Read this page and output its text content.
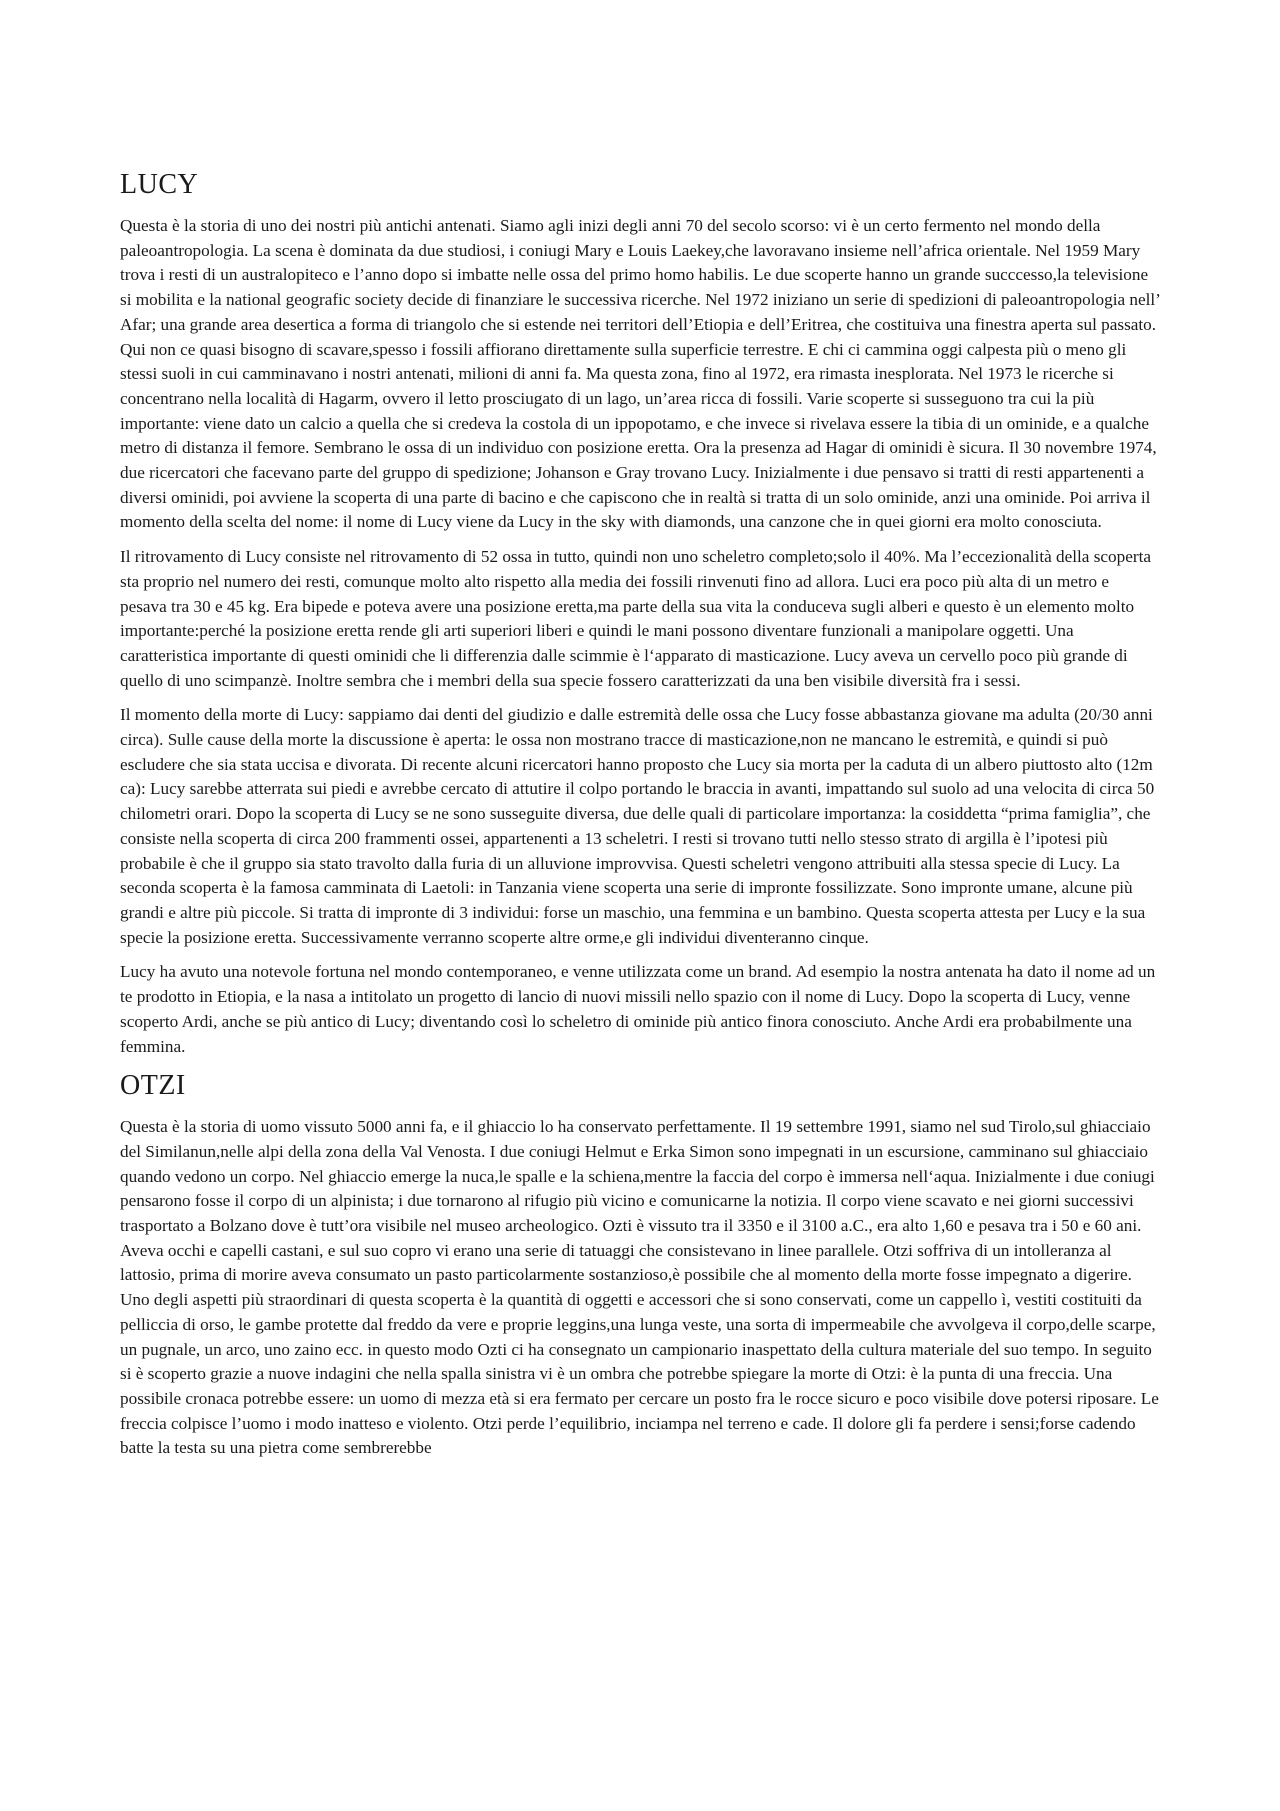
LUCY

Questa è la storia di uno dei nostri più antichi antenati. Siamo agli inizi degli anni 70 del secolo scorso: vi è un certo fermento nel mondo della paleoantropologia. La scena è dominata da due studiosi, i coniugi Mary e Louis Laekey,che lavoravano insieme nell’africa orientale. Nel 1959 Mary trova i resti di un australopiteco e l’anno dopo si imbatte nelle ossa del primo homo habilis. Le due scoperte hanno un grande succcesso,la televisione si mobilita e la national geografic society decide di finanziare le successiva ricerche. Nel 1972 iniziano un serie di spedizioni di paleoantropologia nell’ Afar; una grande area desertica a forma di triangolo che si estende nei territori dell’Etiopia e dell’Eritrea, che costituiva una finestra aperta sul passato. Qui non ce quasi bisogno di scavare,spesso i fossili affiorano direttamente sulla superficie terrestre. E chi ci cammina oggi calpesta più o meno gli stessi suoli in cui camminavano i nostri antenati, milioni di anni fa. Ma questa zona, fino al 1972, era rimasta inesplorata. Nel 1973 le ricerche si concentrano nella località di Hagarm, ovvero il letto prosciugato di un lago, un’area ricca di fossili. Varie scoperte si susseguono tra cui la più importante: viene dato un calcio a quella che si credeva la costola di un ippopotamo, e che invece si rivelava essere la tibia di un ominide, e a qualche metro di distanza il femore. Sembrano le ossa di un individuo con posizione eretta. Ora la presenza ad Hagar di ominidi è sicura. Il 30 novembre 1974, due ricercatori che facevano parte del gruppo di spedizione; Johanson e Gray trovano Lucy. Inizialmente i due pensavo si tratti di resti appartenenti a diversi ominidi, poi avviene la scoperta di una parte di bacino e che capiscono che in realtà si tratta di un solo ominide, anzi una ominide. Poi arriva il momento della scelta del nome: il nome di Lucy viene da Lucy in the sky with diamonds, una canzone che in quei giorni era molto conosciuta.

Il ritrovamento di Lucy consiste nel ritrovamento di 52 ossa in tutto, quindi non uno scheletro completo;solo il 40%. Ma l’eccezionalità della scoperta sta proprio nel numero dei resti, comunque molto alto rispetto alla media dei fossili rinvenuti fino ad allora. Luci era poco più alta di un metro e pesava tra 30 e 45 kg. Era bipede e poteva avere una posizione eretta,ma parte della sua vita la conduceva sugli alberi e questo è un elemento molto importante:perché la posizione eretta rende gli arti superiori liberi e quindi le mani possono diventare funzionali a manipolare oggetti. Una caratteristica importante di questi ominidi che li differenzia dalle scimmie è l‘apparato di masticazione. Lucy aveva un cervello poco più grande di quello di uno scimpanzè. Inoltre sembra che i membri della sua specie fossero caratterizzati da una ben visibile diversità fra i sessi.

Il momento della morte di Lucy: sappiamo dai denti del giudizio e dalle estremità delle ossa che Lucy fosse abbastanza giovane ma adulta (20/30 anni circa). Sulle cause della morte la discussione è aperta: le ossa non mostrano tracce di masticazione,non ne mancano le estremità, e quindi si può escludere che sia stata uccisa e divorata. Di recente alcuni ricercatori hanno proposto che Lucy sia morta per la caduta di un albero piuttosto alto (12m ca): Lucy sarebbe atterrata sui piedi e avrebbe cercato di attutire il colpo portando le braccia in avanti, impattando sul suolo ad una velocita di circa 50 chilometri orari. Dopo la scoperta di Lucy se ne sono susseguite diversa, due delle quali di particolare importanza: la cosiddetta “prima famiglia”, che consiste nella scoperta di circa 200 frammenti ossei, appartenenti a 13 scheletri. I resti si trovano tutti nello stesso strato di argilla è l’ipotesi più probabile è che il gruppo sia stato travolto dalla furia di un alluvione improvvisa. Questi scheletri vengono attribuiti alla stessa specie di Lucy. La seconda scoperta è la famosa camminata di Laetoli: in Tanzania viene scoperta una serie di impronte fossilizzate. Sono impronte umane, alcune più grandi e altre più piccole. Si tratta di impronte di 3 individui: forse un maschio, una femmina e un bambino. Questa scoperta attesta per Lucy e la sua specie la posizione eretta. Successivamente verranno scoperte altre orme,e gli individui diventeranno cinque.

Lucy ha avuto una notevole fortuna nel mondo contemporaneo, e venne utilizzata come un brand. Ad esempio la nostra antenata ha dato il nome ad un te prodotto in Etiopia, e la nasa a intitolato un progetto di lancio di nuovi missili nello spazio con il nome di Lucy. Dopo la scoperta di Lucy, venne scoperto Ardi, anche se più antico di Lucy; diventando così lo scheletro di ominide più antico finora conosciuto. Anche Ardi era probabilmente una femmina.

OTZI

Questa è la storia di uomo vissuto 5000 anni fa, e il ghiaccio lo ha conservato perfettamente. Il 19 settembre 1991, siamo nel sud Tirolo,sul ghiacciaio del Similanun,nelle alpi della zona della Val Venosta. I due coniugi Helmut e Erka Simon sono impegnati in un escursione, camminano sul ghiacciaio quando vedono un corpo. Nel ghiaccio emerge la nuca,le spalle e la schiena,mentre la faccia del corpo è immersa nell‘aqua. Inizialmente i due coniugi pensarono fosse il corpo di un alpinista; i due tornarono al rifugio più vicino e comunicarne la notizia. Il corpo viene scavato e nei giorni successivi trasportato a Bolzano dove è tutt’ora visibile nel museo archeologico. Ozti è vissuto tra il 3350 e il 3100 a.C., era alto 1,60 e pesava tra i 50 e 60 ani. Aveva occhi e capelli castani, e sul suo copro vi erano una serie di tatuaggi che consistevano in linee parallele. Otzi soffriva di un intolleranza al lattosio, prima di morire aveva consumato un pasto particolarmente sostanzioso,è possibile che al momento della morte fosse impegnato a digerire. Uno degli aspetti più straordinari di questa scoperta è la quantità di oggetti e accessori che si sono conservati, come un cappello ì, vestiti costituiti da pelliccia di orso, le gambe protette dal freddo da vere e proprie leggins,una lunga veste, una sorta di impermeabile che avvolgeva il corpo,delle scarpe, un pugnale, un arco, uno zaino ecc. in questo modo Ozti ci ha consegnato un campionario inaspettato della cultura materiale del suo tempo. In seguito si è scoperto grazie a nuove indagini che nella spalla sinistra vi è un ombra che potrebbe spiegare la morte di Otzi: è la punta di una freccia. Una possibile cronaca potrebbe essere: un uomo di mezza età si era fermato per cercare un posto fra le rocce sicuro e poco visibile dove potersi riposare. Le freccia colpisce l’uomo i modo inatteso e violento. Otzi perde l’equilibrio, inciampa nel terreno e cade. Il dolore gli fa perdere i sensi;forse cadendo batte la testa su una pietra come sembrerebbe
